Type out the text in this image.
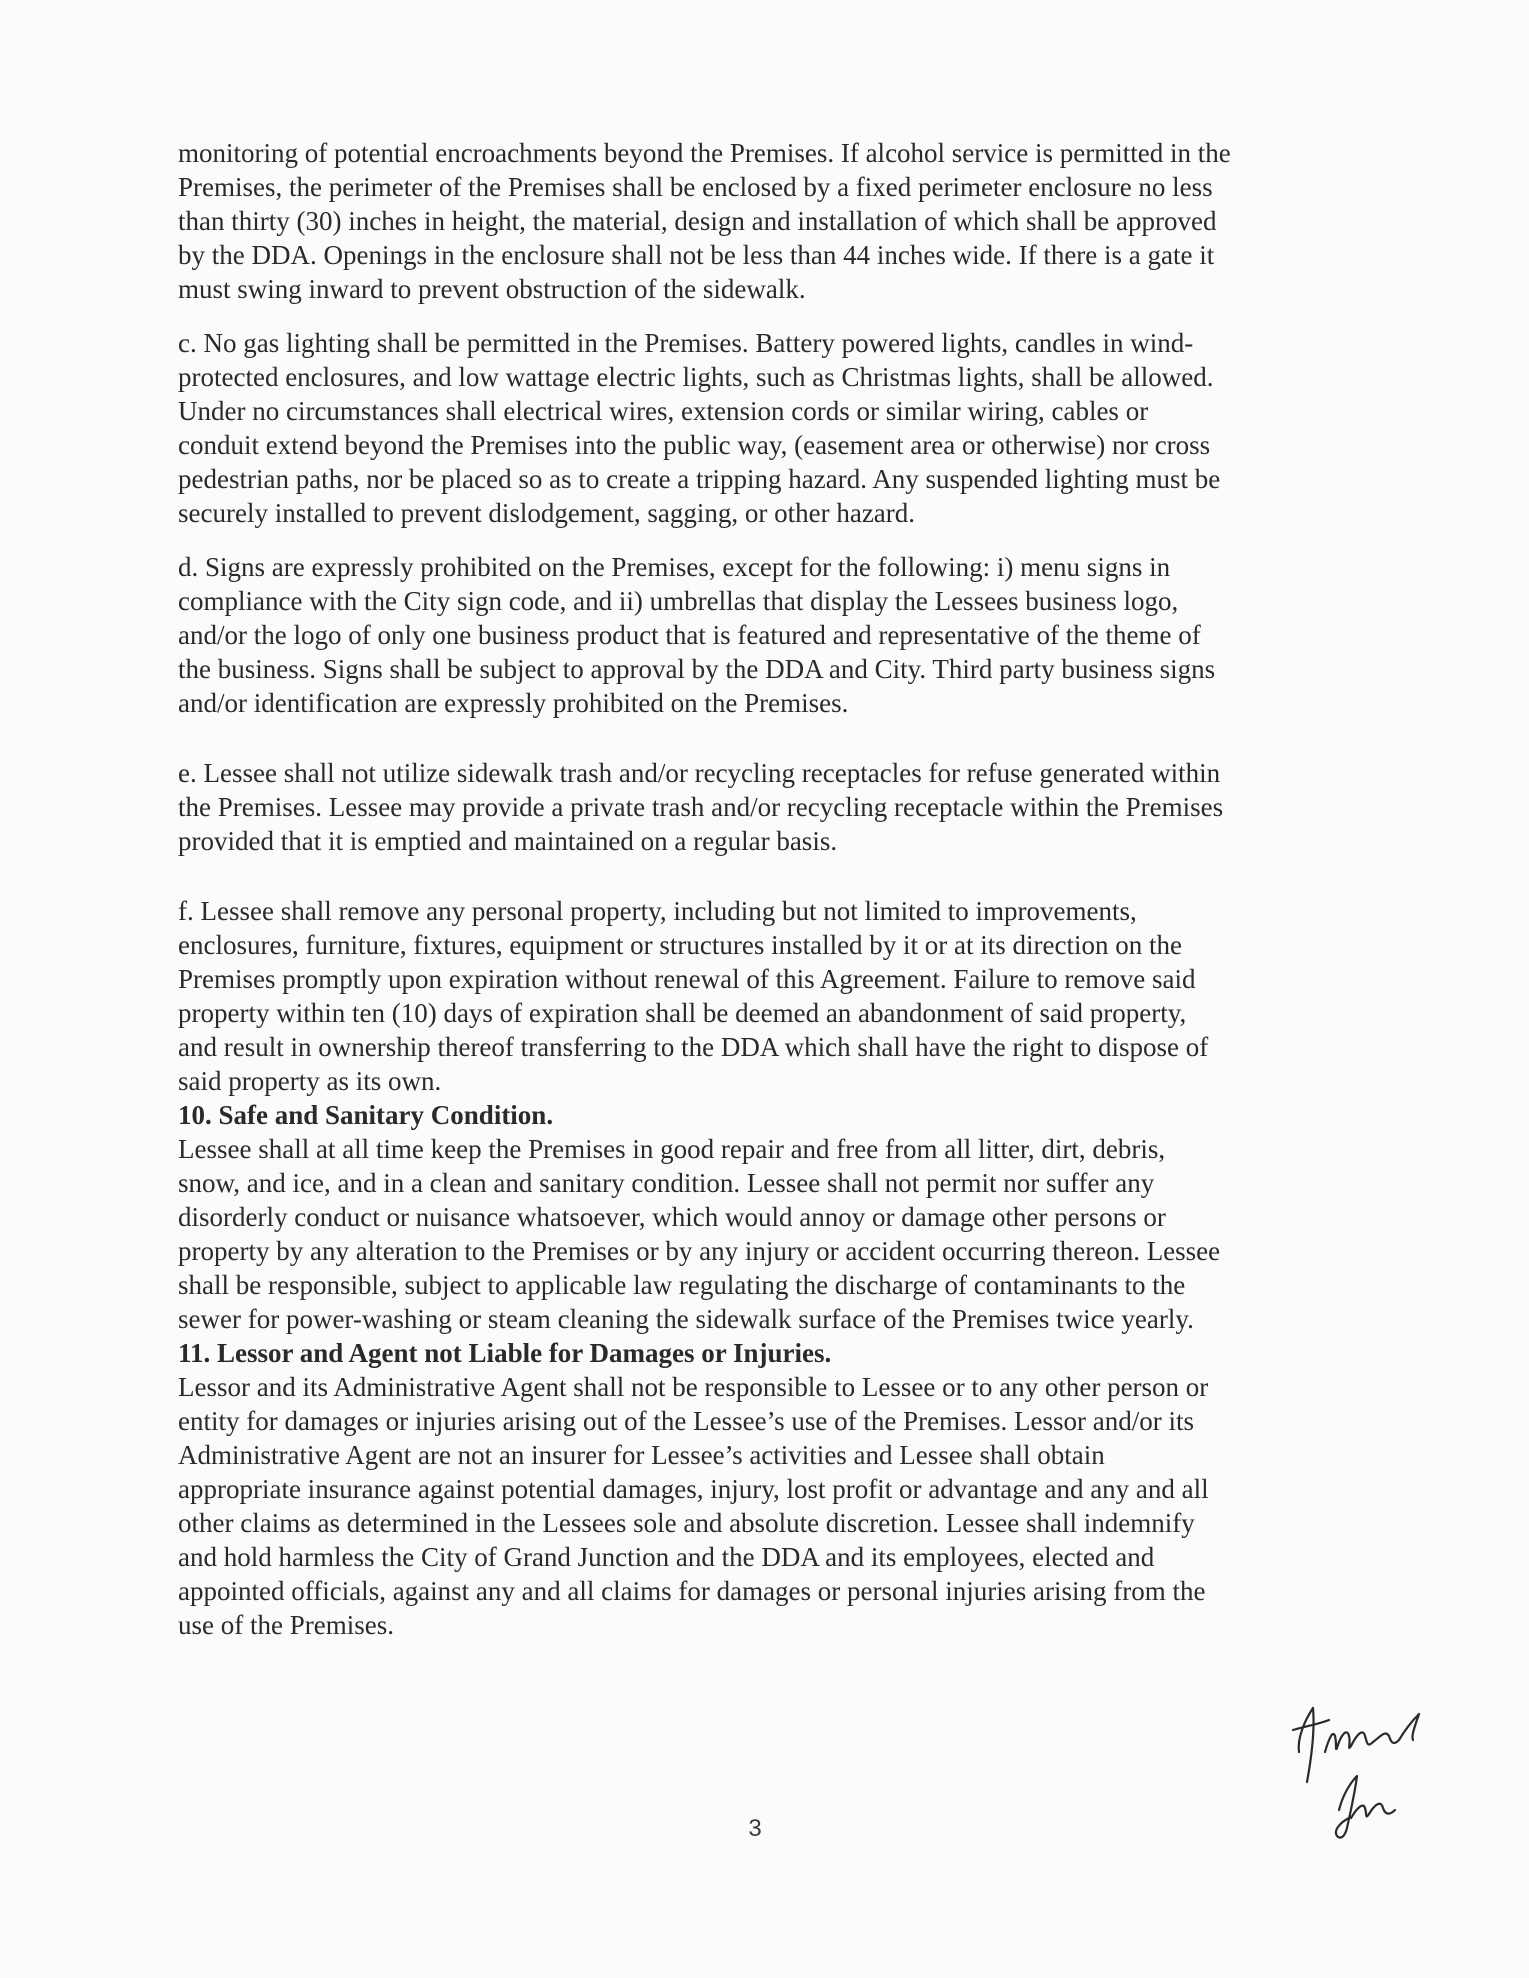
monitoring of potential encroachments beyond the Premises. If alcohol service is permitted in the
Premises, the perimeter of the Premises shall be enclosed by a fixed perimeter enclosure no less
than thirty (30) inches in height, the material, design and installation of which shall be approved
by the DDA. Openings in the enclosure shall not be less than 44 inches wide. If there is a gate it
must swing inward to prevent obstruction of the sidewalk.

c. No gas lighting shall be permitted in the Premises. Battery powered lights, candles in wind-
protected enclosures, and low wattage electric lights, such as Christmas lights, shall be allowed.
Under no circumstances shall electrical wires, extension cords or similar wiring, cables or
conduit extend beyond the Premises into the public way, (easement area or otherwise) nor cross
pedestrian paths, nor be placed so as to create a tripping hazard. Any suspended lighting must be
securely installed to prevent dislodgement, sagging, or other hazard.

d. Signs are expressly prohibited on the Premises, except for the following: i) menu signs in
compliance with the City sign code, and ii) umbrellas that display the Lessees business logo,
and/or the logo of only one business product that is featured and representative of the theme of
the business. Signs shall be subject to approval by the DDA and City. Third party business signs
and/or identification are expressly prohibited on the Premises.

e. Lessee shall not utilize sidewalk trash and/or recycling receptacles for refuse generated within
the Premises. Lessee may provide a private trash and/or recycling receptacle within the Premises
provided that it is emptied and maintained on a regular basis.

f. Lessee shall remove any personal property, including but not limited to improvements,
enclosures, furniture, fixtures, equipment or structures installed by it or at its direction on the
Premises promptly upon expiration without renewal of this Agreement. Failure to remove said
property within ten (10) days of expiration shall be deemed an abandonment of said property,
and result in ownership thereof transferring to the DDA which shall have the right to dispose of
said property as its own.

10. Safe and Sanitary Condition.

Lessee shall at all time keep the Premises in good repair and free from all litter, dirt, debris,
snow, and ice, and in a clean and sanitary condition. Lessee shall not permit nor suffer any
disorderly conduct or nuisance whatsoever, which would annoy or damage other persons or
property by any alteration to the Premises or by any injury or accident occurring thereon. Lessee
shall be responsible, subject to applicable law regulating the discharge of contaminants to the
sewer for power-washing or steam cleaning the sidewalk surface of the Premises twice yearly.

11. Lessor and Agent not Liable for Damages or Injuries.

Lessor and its Administrative Agent shall not be responsible to Lessee or to any other person or
entity for damages or injuries arising out of the Lessee’s use of the Premises. Lessor and/or its
Administrative Agent are not an insurer for Lessee’s activities and Lessee shall obtain
appropriate insurance against potential damages, injury, lost profit or advantage and any and all
other claims as determined in the Lessees sole and absolute discretion. Lessee shall indemnify
and hold harmless the City of Grand Junction and the DDA and its employees, elected and
appointed officials, against any and all claims for damages or personal injuries arising from the
use of the Premises.

3
